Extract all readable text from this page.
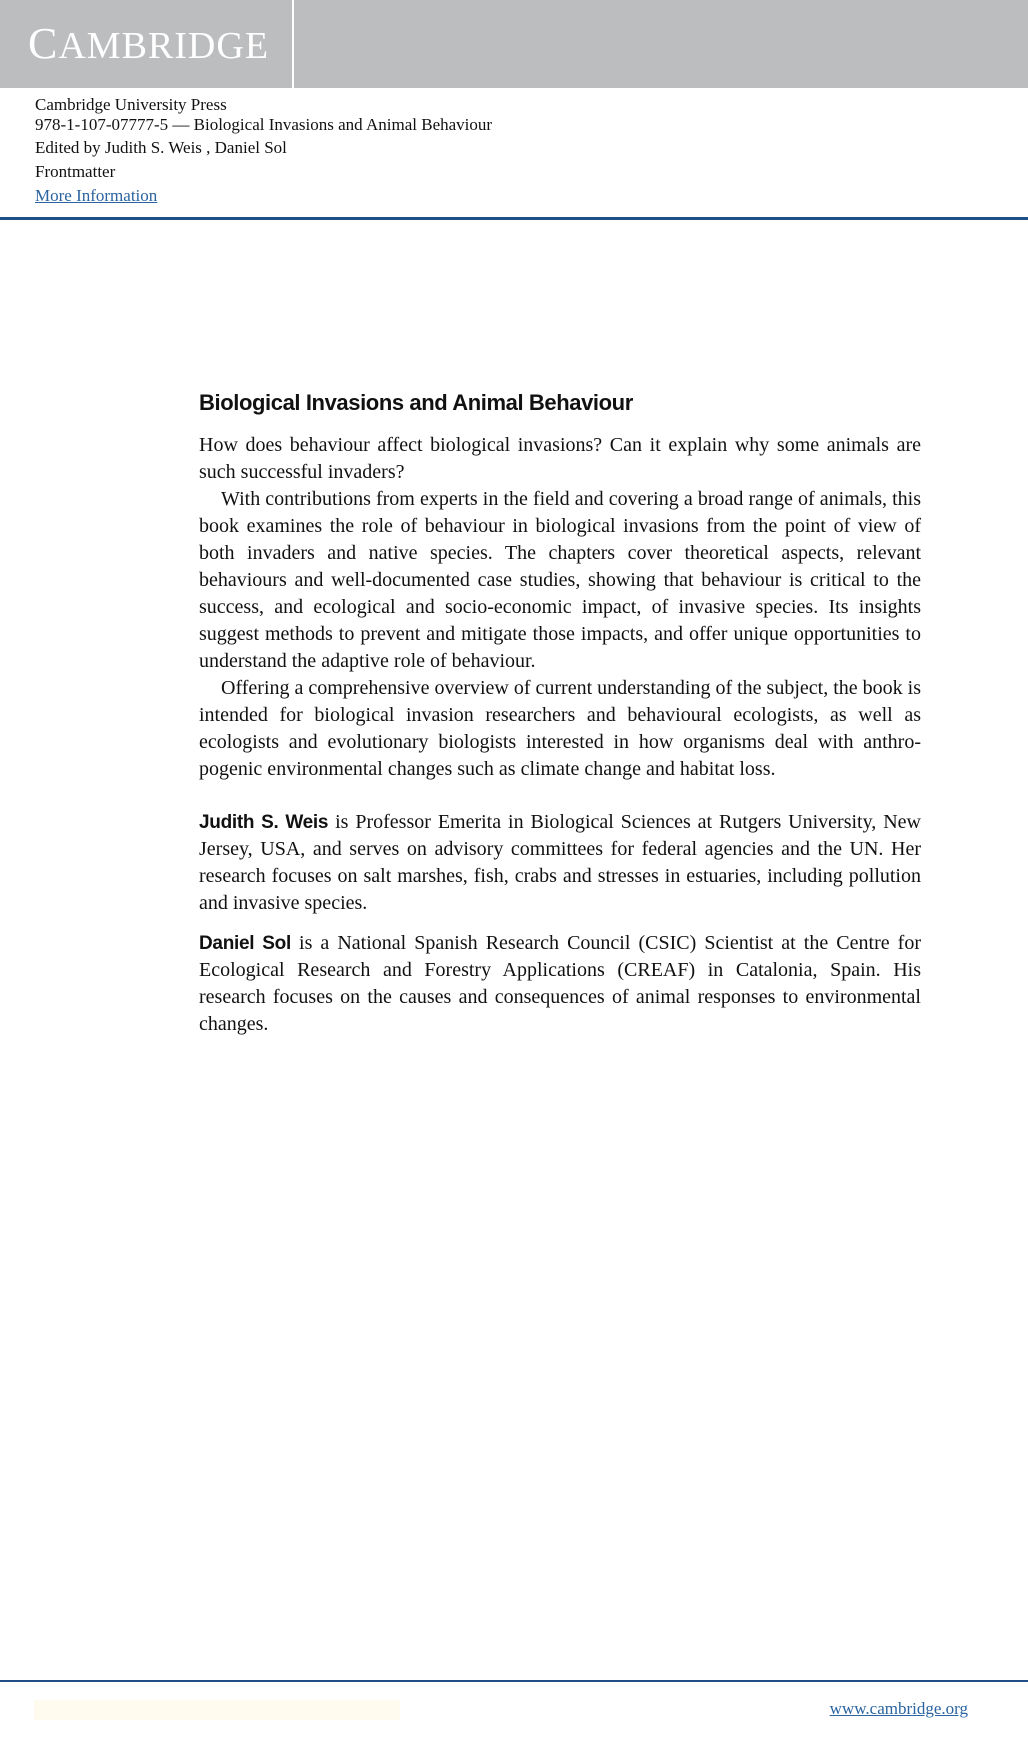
CAMBRIDGE
Cambridge University Press
978-1-107-07777-5 — Biological Invasions and Animal Behaviour
Edited by Judith S. Weis , Daniel Sol
Frontmatter
More Information
Biological Invasions and Animal Behaviour

How does behaviour affect biological invasions? Can it explain why some animals are such successful invaders?

With contributions from experts in the field and covering a broad range of animals, this book examines the role of behaviour in biological invasions from the point of view of both invaders and native species. The chapters cover theoretical aspects, relevant behaviours and well-documented case studies, showing that behaviour is critical to the success, and ecological and socio-economic impact, of invasive species. Its insights suggest methods to prevent and mitigate those impacts, and offer unique opportunities to understand the adaptive role of behaviour.

Offering a comprehensive overview of current understanding of the subject, the book is intended for biological invasion researchers and behavioural ecologists, as well as ecologists and evolutionary biologists interested in how organisms deal with anthro-pogenic environmental changes such as climate change and habitat loss.

Judith S. Weis is Professor Emerita in Biological Sciences at Rutgers University, New Jersey, USA, and serves on advisory committees for federal agencies and the UN. Her research focuses on salt marshes, fish, crabs and stresses in estuaries, including pollution and invasive species.

Daniel Sol is a National Spanish Research Council (CSIC) Scientist at the Centre for Ecological Research and Forestry Applications (CREAF) in Catalonia, Spain. His research focuses on the causes and consequences of animal responses to environmental changes.

www.cambridge.org
